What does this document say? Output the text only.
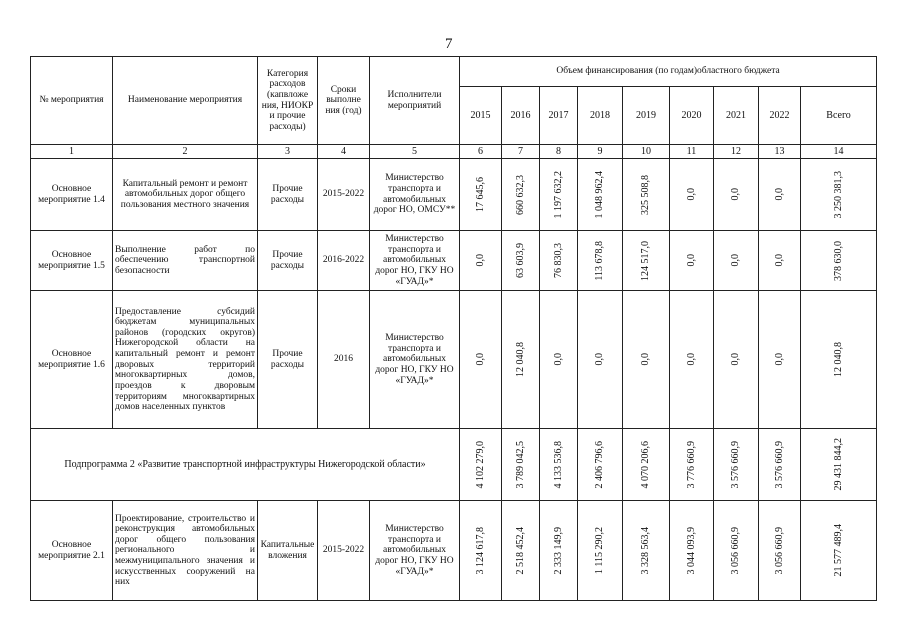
7
№ мероприятия	Наименование мероприятия	Категория расходов (капвложе ния, НИОКР и прочие расходы)	Сроки выполне ния (год)	Исполнители мероприятий	Объем финансирования (по годам)областного бюджета								
					2015	2016	2017	2018	2019	2020	2021	2022	Всего
1	2	3	4	5	6	7	8	9	10	11	12	13	14
Основное мероприятие 1.4	Капитальный ремонт и ремонт автомобильных дорог общего пользования местного значения	Прочие расходы	2015-2022	Министерство транспорта и автомобильных дорог НО, ОМСУ**	17 645,6	660 632,3	1 197 632,2	1 048 962,4	325 508,8	0,0	0,0	0,0	3 250 381,3

Основное мероприятие 1.5	Выполнение работ по обеспечению транспортной безопасности	Прочие расходы	2016-2022	Министерство транспорта и автомобильных дорог НО, ГКУ НО «ГУАД»*	0,0	63 603,9	76 830,3	113 678,8	124 517,0	0,0	0,0	0,0	378 630,0

Основное мероприятие 1.6	Предоставление субсидий бюджетам муниципальных районов (городских округов) Нижегородской области на капитальный ремонт и ремонт дворовых территорий многоквартирных домов, проездов к дворовым территориям многоквартирных домов населенных пунктов	Прочие расходы	2016	Министерство транспорта и автомобильных дорог НО, ГКУ НО «ГУАД»*	0,0	12 040,8	0,0	0,0	0,0	0,0	0,0	0,0	12 040,8

Подпрограмма 2 «Развитие транспортной инфраструктуры Нижегородской области»					4 102 279,0	3 789 042,5	4 133 536,8	2 406 796,6	4 070 206,6	3 776 660,9	3 576 660,9	3 576 660,9	29 431 844,2

Основное мероприятие 2.1	Проектирование, строительство и реконструкция автомобильных дорог общего пользования регионального и межмуниципального значения и искусственных сооружений на них	Капитальные вложения	2015-2022	Министерство транспорта и автомобильных дорог НО, ГКУ НО «ГУАД»*	3 124 617,8	2 518 452,4	2 333 149,9	1 115 290,2	3 328 563,4	3 044 093,9	3 056 660,9	3 056 660,9	21 577 489,4
